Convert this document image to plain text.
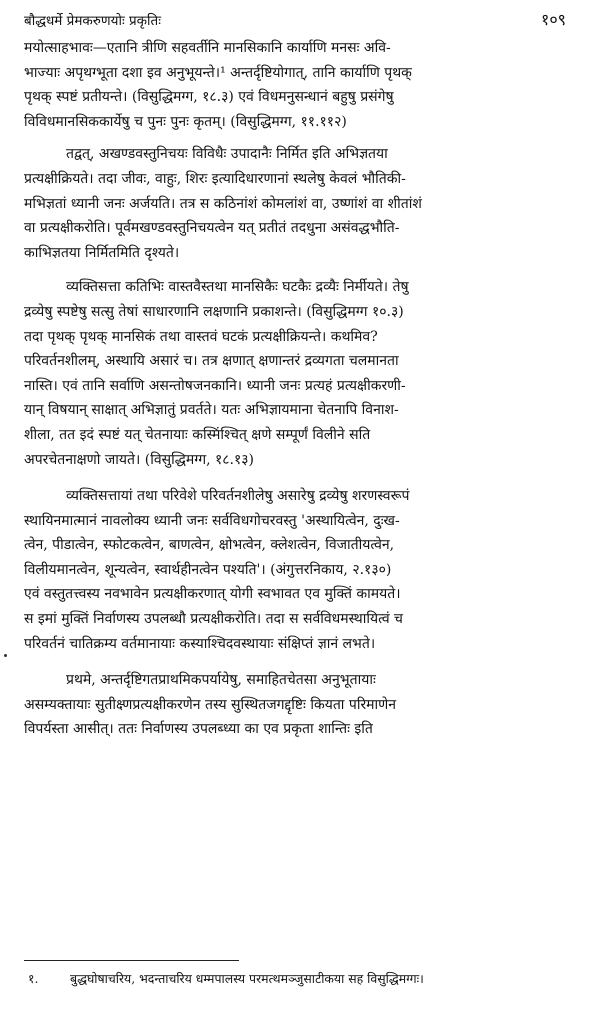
बौद्धधर्मे प्रेमकरुणयोः प्रकृतिः	१०९

मयोत्साहभावः—एतानि त्रीणि सहवर्तीनि मानसिकानि कार्याणि मनसः अवि-
भाज्याः अपृथग्भूता दशा इव अनुभूयन्ते।¹ अन्तर्दृष्टियोगात्, तानि कार्याणि पृथक्
पृथक् स्पष्टं प्रतीयन्ते। (विसुद्धिमग्ग, १८.३) एवं विधमनुसन्धानं बहुषु प्रसंगेषु
विविधमानसिककार्येषु च पुनः पुनः कृतम्। (विसुद्धिमग्ग, ११.११२)

तद्वत्, अखण्डवस्तुनिचयः विविधैः उपादानैः निर्मित इति अभिज्ञतया
प्रत्यक्षीक्रियते। तदा जीवः, वाहुः, शिरः इत्यादिधारणानां स्थलेषु केवलं भौतिकी-
मभिज्ञतां ध्यानी जनः अर्जयति। तत्र स कठिनांशं कोमलांशं वा, उष्णांशं वा शीतांशं
वा प्रत्यक्षीकरोति। पूर्वमखण्डवस्तुनिचयत्वेन यत् प्रतीतं तदधुना असंवद्धभौति-
काभिज्ञतया निर्मितमिति दृश्यते।

व्यक्तिसत्ता कतिभिः वास्तवैस्तथा मानसिकैः घटकैः द्रव्यैः निर्मीयते। तेषु
द्रव्येषु स्पष्टेषु सत्सु तेषां साधारणानि लक्षणानि प्रकाशन्ते। (विसुद्धिमग्ग १०.३)
तदा पृथक् पृथक् मानसिकं तथा वास्तवं घटकं प्रत्यक्षीक्रियन्ते। कथमिव?
परिवर्तनशीलम्, अस्थायि असारं च। तत्र क्षणात् क्षणान्तरं द्रव्यगता चलमानता
नास्ति। एवं तानि सर्वाणि असन्तोषजनकानि। ध्यानी जनः प्रत्यहं प्रत्यक्षीकरणी-
यान् विषयान् साक्षात् अभिज्ञातुं प्रवर्तते। यतः अभिज्ञायमाना चेतनापि विनाश-
शीला, तत इदं स्पष्टं यत् चेतनायाः कस्मिंश्चित् क्षणे सम्पूर्णं विलीने सति
अपरचेतनाक्षणो जायते। (विसुद्धिमग्ग, १८.१३)

व्यक्तिसत्तायां तथा परिवेशे परिवर्तनशीलेषु असारेषु द्रव्येषु शरणस्वरूपं
स्थायिनमात्मानं नावलोक्य ध्यानी जनः सर्वविधगोचरवस्तु 'अस्थायित्वेन, दुःख-
त्वेन, पीडात्वेन, स्फोटकत्वेन, बाणत्वेन, क्षोभत्वेन, क्लेशत्वेन, विजातीयत्वेन,
विलीयमानत्वेन, शून्यत्वेन, स्वार्थहीनत्वेन पश्यति'। (अंगुत्तरनिकाय, २.१३०)
एवं वस्तुतत्त्वस्य नवभावेन प्रत्यक्षीकरणात् योगी स्वभावत एव मुक्तिं कामयते।
स इमां मुक्तिं निर्वाणस्य उपलब्धौ प्रत्यक्षीकरोति। तदा स सर्वविधमस्थायित्वं च
परिवर्तनं चातिक्रम्य वर्तमानायाः कस्याश्चिदवस्थायाः संक्षिप्तं ज्ञानं लभते।

प्रथमे, अन्तर्दृष्टिगतप्राथमिकपर्यायेषु, समाहितचेतसा अनुभूतायाः
असम्यक्तायाः सुतीक्ष्णप्रत्यक्षीकरणेन तस्य सुस्थितजगद्दृष्टिः कियता परिमाणेन
विपर्यस्ता आसीत्। ततः निर्वाणस्य उपलब्ध्या का एव प्रकृता शान्तिः इति

१.	बुद्धघोषाचरिय, भदन्ताचरिय धम्मपालस्य परमत्थमञ्जुसाटीकया सह विसुद्धिमग्गः।
